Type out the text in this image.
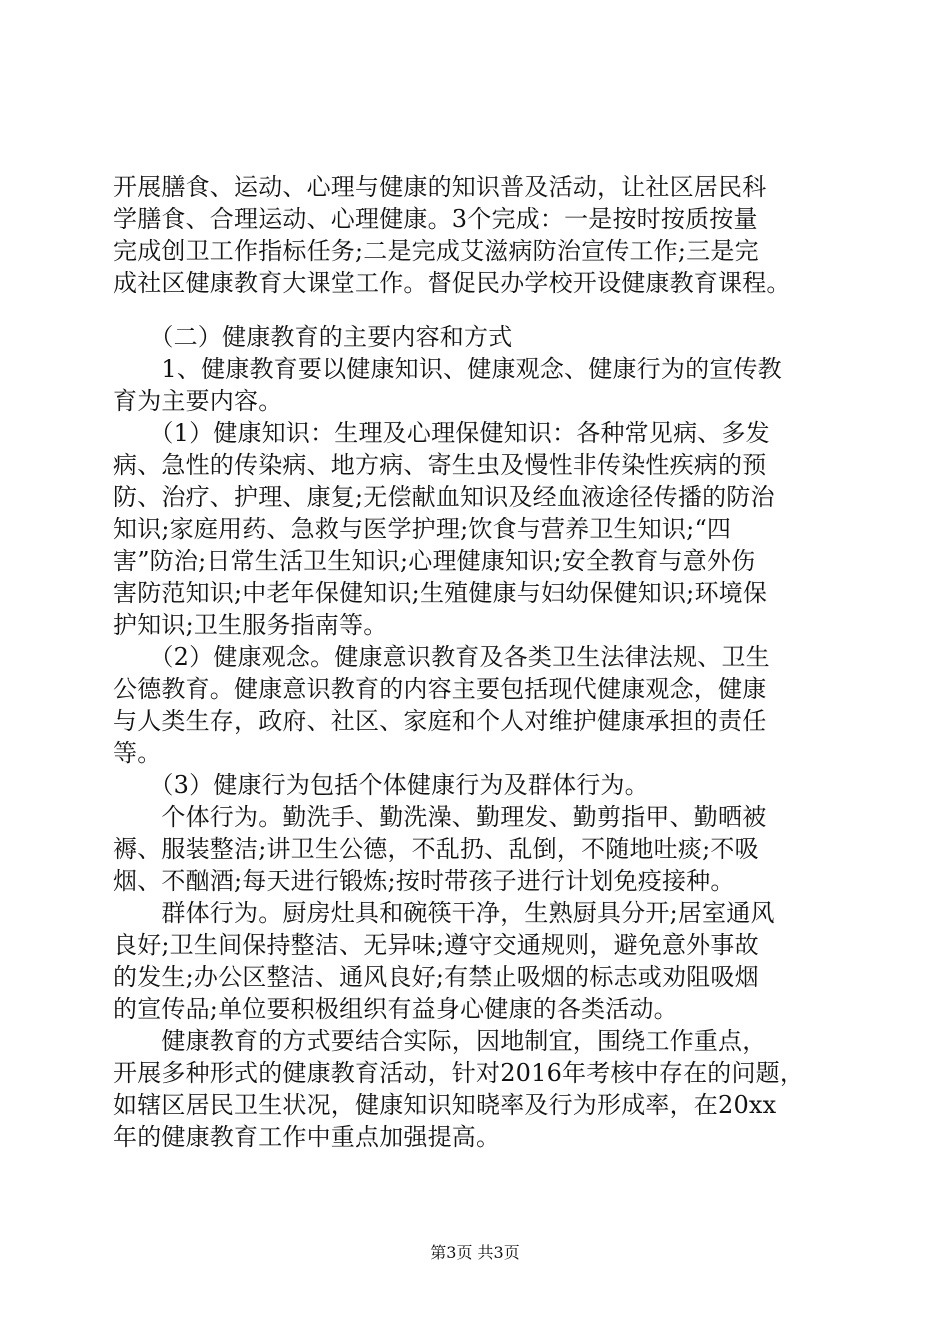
开展膳食、运动、心理与健康的知识普及活动，让社区居民科
学膳食、合理运动、心理健康。3个完成：一是按时按质按量
完成创卫工作指标任务;二是完成艾滋病防治宣传工作;三是完
成社区健康教育大课堂工作。督促民办学校开设健康教育课程。
　　（二）健康教育的主要内容和方式
　　1、健康教育要以健康知识、健康观念、健康行为的宣传教
育为主要内容。
　　（1）健康知识：生理及心理保健知识：各种常见病、多发
病、急性的传染病、地方病、寄生虫及慢性非传染性疾病的预
防、治疗、护理、康复;无偿献血知识及经血液途径传播的防治
知识;家庭用药、急救与医学护理;饮食与营养卫生知识;“四
害”防治;日常生活卫生知识;心理健康知识;安全教育与意外伤
害防范知识;中老年保健知识;生殖健康与妇幼保健知识;环境保
护知识;卫生服务指南等。
　　（2）健康观念。健康意识教育及各类卫生法律法规、卫生
公德教育。健康意识教育的内容主要包括现代健康观念，健康
与人类生存，政府、社区、家庭和个人对维护健康承担的责任
等。
　　（3）健康行为包括个体健康行为及群体行为。
　　个体行为。勤洗手、勤洗澡、勤理发、勤剪指甲、勤晒被
褥、服装整洁;讲卫生公德，不乱扔、乱倒，不随地吐痰;不吸
烟、不酗酒;每天进行锻炼;按时带孩子进行计划免疫接种。
　　群体行为。厨房灶具和碗筷干净，生熟厨具分开;居室通风
良好;卫生间保持整洁、无异味;遵守交通规则，避免意外事故
的发生;办公区整洁、通风良好;有禁止吸烟的标志或劝阻吸烟
的宣传品;单位要积极组织有益身心健康的各类活动。
　　健康教育的方式要结合实际，因地制宜，围绕工作重点，
开展多种形式的健康教育活动，针对2016年考核中存在的问题，
如辖区居民卫生状况，健康知识知晓率及行为形成率，在20xx
年的健康教育工作中重点加强提高。
第3页 共3页
